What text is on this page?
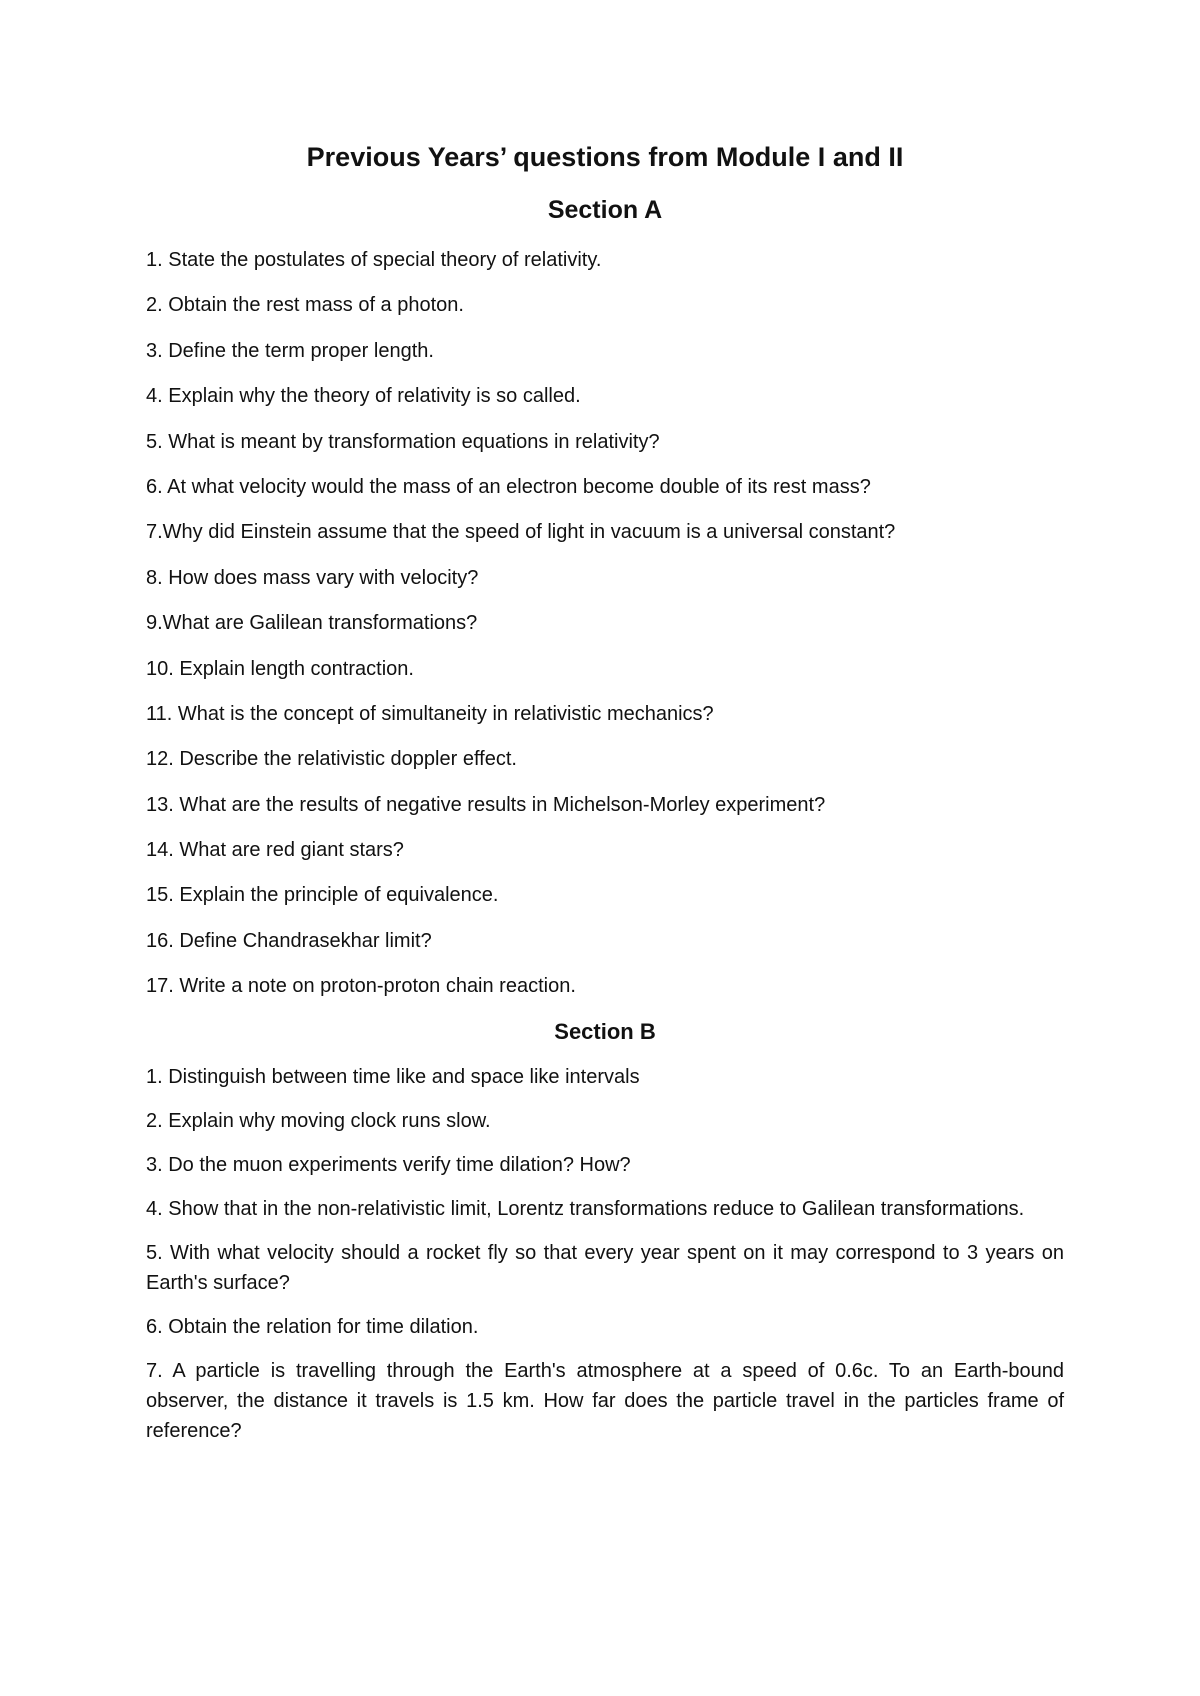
Previous Years’ questions from Module I and II
Section A
1. State the postulates of special theory of relativity.
2. Obtain the rest mass of a photon.
3. Define the term proper length.
4. Explain why the theory of relativity is so called.
5. What is meant by transformation equations in relativity?
6. At what velocity would the mass of an electron become double of its rest mass?
7.Why did Einstein assume that the speed of light in vacuum is a universal constant?
8. How does mass vary with velocity?
9.What are Galilean transformations?
10. Explain length contraction.
11. What is the concept of simultaneity in relativistic mechanics?
12. Describe the relativistic doppler effect.
13. What are the results of negative results in Michelson-Morley experiment?
14. What are red giant stars?
15. Explain the principle of equivalence.
16. Define Chandrasekhar limit?
17. Write a note on proton-proton chain reaction.
Section B
1. Distinguish between time like and space like intervals
2. Explain why moving clock runs slow.
3. Do the muon experiments verify time dilation? How?
4. Show that in the non-relativistic limit, Lorentz transformations reduce to Galilean transformations.
5. With what velocity should a rocket fly so that every year spent on it may correspond to 3 years on Earth's surface?
6. Obtain the relation for time dilation.
7. A particle is travelling through the Earth's atmosphere at a speed of 0.6c. To an Earth-bound observer, the distance it travels is 1.5 km. How far does the particle travel in the particles frame of reference?
